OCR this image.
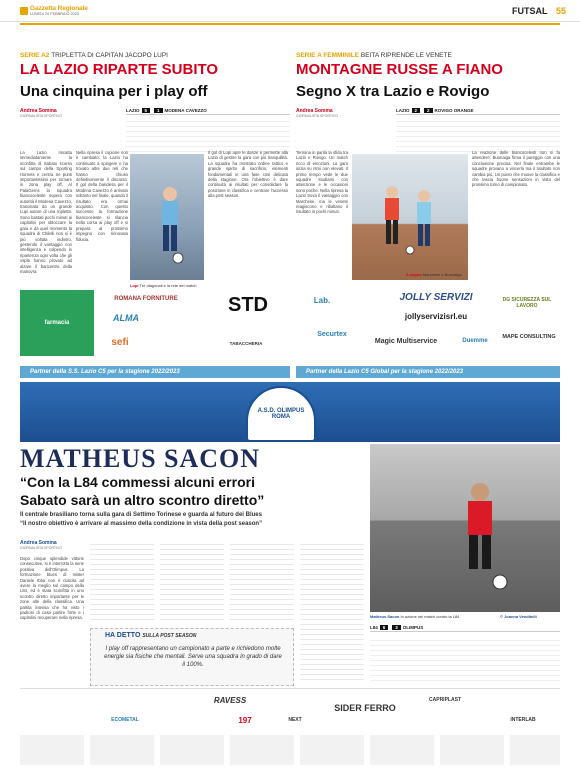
Gazzetta Regionale
LUNEDI 20 FEBBRAIO 2023	FUTSAL 55
SERIE A2 TRIPLETTA DI CAPITAN JACOPO LUPI
LA LAZIO RIPARTE SUBITO
Una cinquina per i play off
Andrea Somma
GIORNALISTA SPORTIVO
LAZIO	5	1	MODENA CAVEZZO
La Lazio riscatta immediatamente la sconfitta di Sabato scorso sul campo della Sporting Hornets e centra tre punti importantissimi per tornare in zona play off. Al PalaGems la squadra biancoceleste supera con autorità il Modena Cavezzo, trascinata da un grande Lupi autore di una tripletta. Sono bastati pochi minuti ai capitolini per sbloccare la gara e da quel momento la squadra di Chilelli non si è più voltata indietro, gestendo il vantaggio con intelligenza e colpendo in ripartenza ogni volta che gli ospiti hanno provato ad alzare il baricentro della manovra.
Nella ripresa il copione non è cambiato: la Lazio ha continuato a spingere e ha trovato altre due reti che hanno chiuso definitivamente il discorso. Il gol della bandiera per il Modena Cavezzo è arrivato soltanto nel finale, quando il risultato era ormai acquisito. Con questo successo la formazione biancoceleste si rilancia nella corsa ai play off e si prepara al prossimo impegno con rinnovata fiducia.
Lupi Tre diagonali e la rete del match
Il gol di Lupi apre le danze e permette alla Lazio di gestire la gara con più tranquillità. La squadra ha mostrato ordine tattico e grande spirito di sacrificio, elementi fondamentali in una fase così delicata della stagione. Ora l'obiettivo è dare continuità ai risultati per consolidare la posizione in classifica e centrare l'accesso alla post season.
SERIE A FEMMINILE BEITA RIPRENDE LE VENETE
MONTAGNE RUSSE A FIANO
Segno X tra Lazio e Rovigo
Andrea Somma
GIORNALISTA SPORTIVO
LAZIO	2	2	ROVIGO ORANGE
Termina in parità la sfida tra Lazio e Rovigo. Un match ricco di emozioni. La gara inizia su ritmi non elevati. Il primo tempo vede le due squadre studiarsi con attenzione e le occasioni sono poche. Nella ripresa la Lazio trova il vantaggio con Marchese, ma le venete reagiscono e ribaltano il risultato in pochi minuti.
A segno Marchese e Buonaiga
La reazione delle biancocelesti non si fa attendere: Buonaiga firma il pareggio con una conclusione precisa. Nel finale entrambe le squadre provano a vincerla ma il risultato non cambia più. Un punto che muove la classifica e che lascia buone sensazioni in vista del prossimo turno di campionato.
farmacia
ROMANA FORNITURE
ALMA
STD
sefi	TABACCHERIA
Lab.
Securtex
JOLLY SERVIZI
jollyservizisrl.eu
DG SICUREZZA SUL LAVORO
Magic Multiservice	Duemme
MAPE CONSULTING
Partner della S.S. Lazio C5 per la stagione 2022/2023	Partner della Lazio C5 Global per la stagione 2022/2023
A.S.D. OLIMPUS ROMA
MATHEUS SACON
“Con la L84 commessi alcuni errori
Sabato sarà un altro scontro diretto”
Il centrale brasiliano torna sulla gara di Settimo Torinese e guarda al futuro dei Blues
“Il nostro obiettivo è arrivare al massimo della condizione in vista della post season”
Andrea Somma
GIORNALISTA SPORTIVO
Dopo cinque splendide vittorie consecutive, si è interrotta la serie positiva dell'Olimpus. La formazione blues di mister Daniele Ibba non è riuscita ad avere la meglio sul campo della L84, ed è stata sconfitta in uno scontro diretto importante per le zone alte della classifica. Una partita intensa che ha visto i padroni di casa partire forte e i capitolini recuperare nella ripresa.
HA DETTO SULLA POST SEASON
I play off rappresentano un campionato a parte e richiedono molte energie sia fisiche che mentali. Serve una squadra in grado di dare il 100%.
Matheus Sacon In azione nel match contro la L84	© Joanna Venditelli
L84	6	3	OLIMPUS
RAVESS
ECOMETAL	NEXT
SIDER FERRO
CAPRIPLAST
INTERLAB
197
